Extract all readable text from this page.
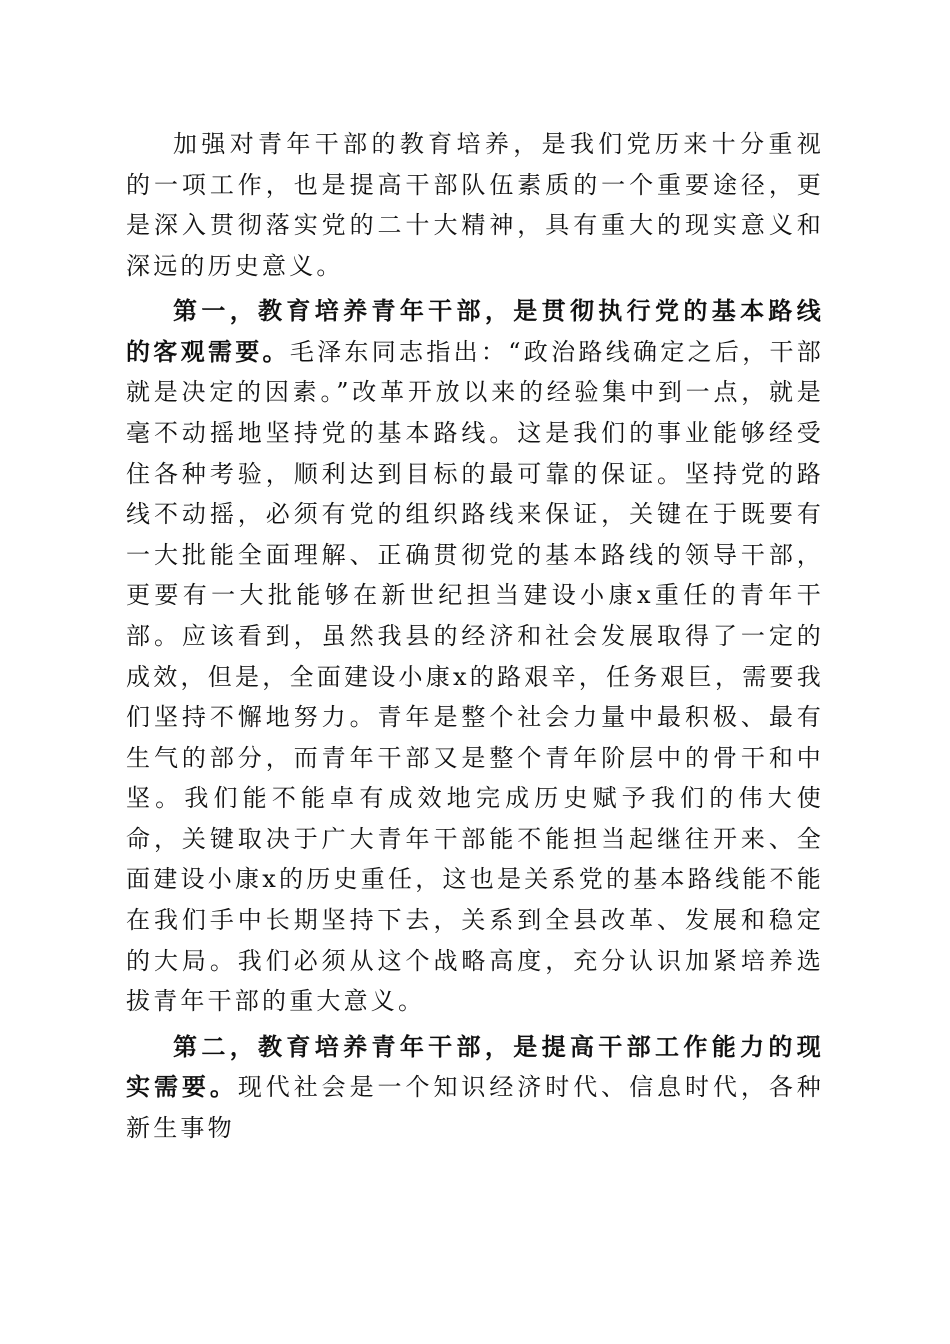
加强对青年干部的教育培养，是我们党历来十分重视的一项工作，也是提高干部队伍素质的一个重要途径，更是深入贯彻落实党的二十大精神，具有重大的现实意义和深远的历史意义。

第一，教育培养青年干部，是贯彻执行党的基本路线的客观需要。毛泽东同志指出：“政治路线确定之后，干部就是决定的因素。”改革开放以来的经验集中到一点，就是毫不动摇地坚持党的基本路线。这是我们的事业能够经受住各种考验，顺利达到目标的最可靠的保证。坚持党的路线不动摇，必须有党的组织路线来保证，关键在于既要有一大批能全面理解、正确贯彻党的基本路线的领导干部，更要有一大批能够在新世纪担当建设小康x重任的青年干部。应该看到，虽然我县的经济和社会发展取得了一定的成效，但是，全面建设小康x的路艰辛，任务艰巨，需要我们坚持不懈地努力。青年是整个社会力量中最积极、最有生气的部分，而青年干部又是整个青年阶层中的骨干和中坚。我们能不能卓有成效地完成历史赋予我们的伟大使命，关键取决于广大青年干部能不能担当起继往开来、全面建设小康x的历史重任，这也是关系党的基本路线能不能在我们手中长期坚持下去，关系到全县改革、发展和稳定的大局。我们必须从这个战略高度，充分认识加紧培养选拔青年干部的重大意义。

第二，教育培养青年干部，是提高干部工作能力的现实需要。现代社会是一个知识经济时代、信息时代，各种新生事物
